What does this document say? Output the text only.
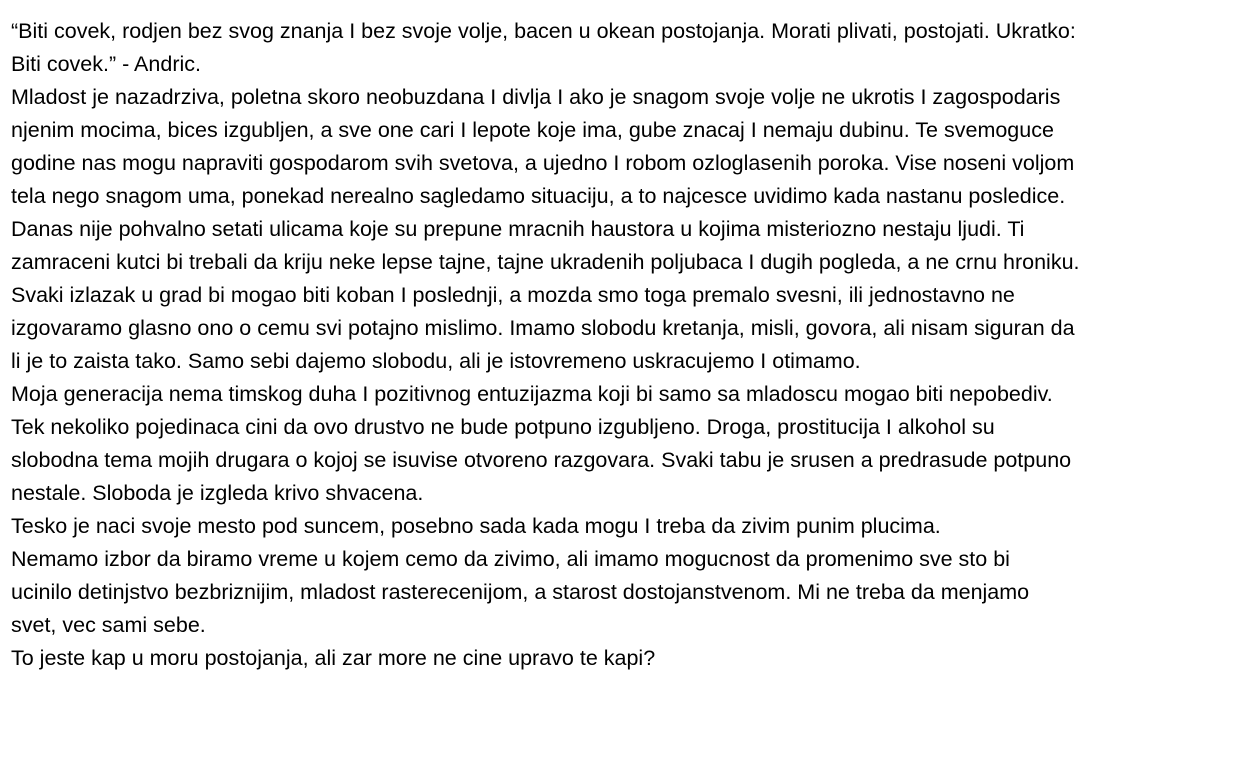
“Biti covek, rodjen bez svog znanja I bez svoje volje, bacen u okean postojanja. Morati plivati, postojati. Ukratko:
Biti covek.” - Andric.
Mladost je nazadrziva, poletna skoro neobuzdana I divlja I ako je snagom svoje volje ne ukrotis I zagospodaris
njenim mocima, bices izgubljen, a sve one cari I lepote koje ima, gube znacaj I nemaju dubinu. Te svemoguce
godine nas mogu napraviti gospodarom svih svetova, a ujedno I robom ozloglasenih poroka. Vise noseni voljom
tela nego snagom uma, ponekad nerealno sagledamo situaciju, a to najcesce uvidimo kada nastanu posledice.
Danas nije pohvalno setati ulicama koje su prepune mracnih haustora u kojima misteriozno nestaju ljudi. Ti
zamraceni kutci bi trebali da kriju neke lepse tajne, tajne ukradenih poljubaca I dugih pogleda, a ne crnu hroniku.
Svaki izlazak u grad bi mogao biti koban I poslednji, a mozda smo toga premalo svesni, ili jednostavno ne
izgovaramo glasno ono o cemu svi potajno mislimo. Imamo slobodu kretanja, misli, govora, ali nisam siguran da
li je to zaista tako. Samo sebi dajemo slobodu, ali je istovremeno uskracujemo I otimamo.
Moja generacija nema timskog duha I pozitivnog entuzijazma koji bi samo sa mladoscu mogao biti nepobediv.
Tek nekoliko pojedinaca cini da ovo drustvo ne bude potpuno izgubljeno. Droga, prostitucija I alkohol su
slobodna tema mojih drugara o kojoj se isuvise otvoreno razgovara. Svaki tabu je srusen a predrasude potpuno
nestale. Sloboda je izgleda krivo shvacena.
Tesko je naci svoje mesto pod suncem, posebno sada kada mogu I treba da zivim punim plucima.
Nemamo izbor da biramo vreme u kojem cemo da zivimo, ali imamo mogucnost da promenimo sve sto bi
ucinilo detinjstvo bezbriznijim, mladost rasterecenijom, a starost dostojanstvenom. Mi ne treba da menjamo
svet, vec sami sebe.
To jeste kap u moru postojanja, ali zar more ne cine upravo te kapi?
